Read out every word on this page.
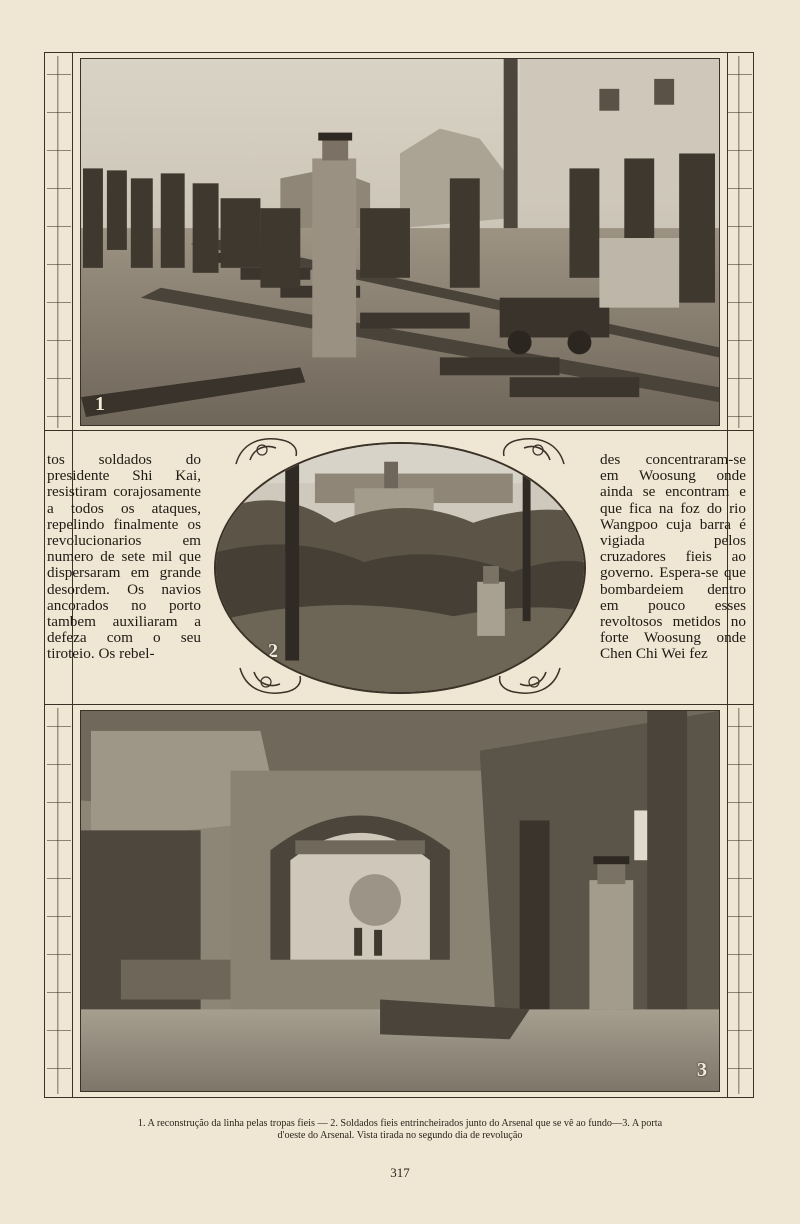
1
2

tos soldados do presidente Shi Kai, resistiram corajosamente a todos os ataques, repelindo finalmente os revolucionarios em numero de sete mil que dispersaram em grande desordem. Os navios ancorados no porto tambem auxiliaram a defeza com o seu tiroteio. Os rebel-

des concentraram-se em Woosung onde ainda se encontram e que fica na foz do rio Wangpoo cuja barra é vigiada pelos cruzadores fieis ao governo. Espera-se que bombardeiem dentro em pouco esses revoltosos metidos no forte Woosung onde Chen Chi Wei fez

3
1. A reconstrução da linha pelas tropas fieis — 2. Soldados fieis entrincheirados junto do Arsenal que se vê ao fundo—3. A porta
d'oeste do Arsenal. Vista tirada no segundo dia de revolução
317
